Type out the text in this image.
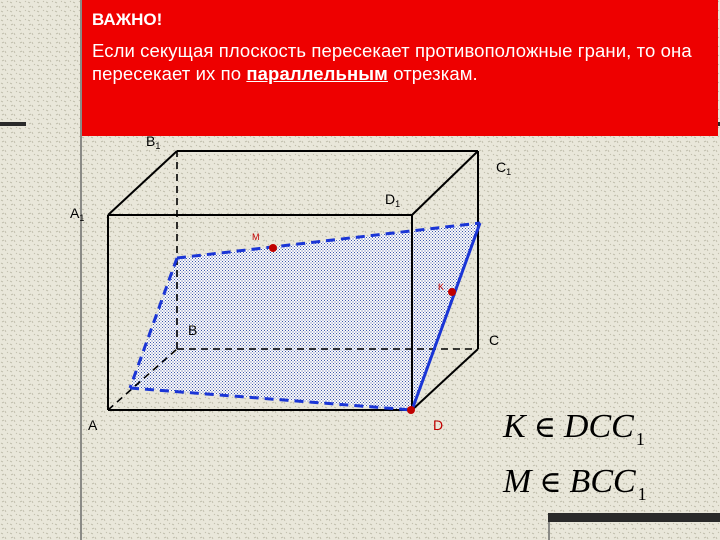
ВАЖНО!
Если секущая плоскость пересекает противоположные грани, то она пересекает их по параллельным отрезкам.
A
B
C
D
$A_1$
$B_1$
$C_1$
$D_1$
M
K
K ∈ DCC $_1$
M ∈ BCC $_1$
